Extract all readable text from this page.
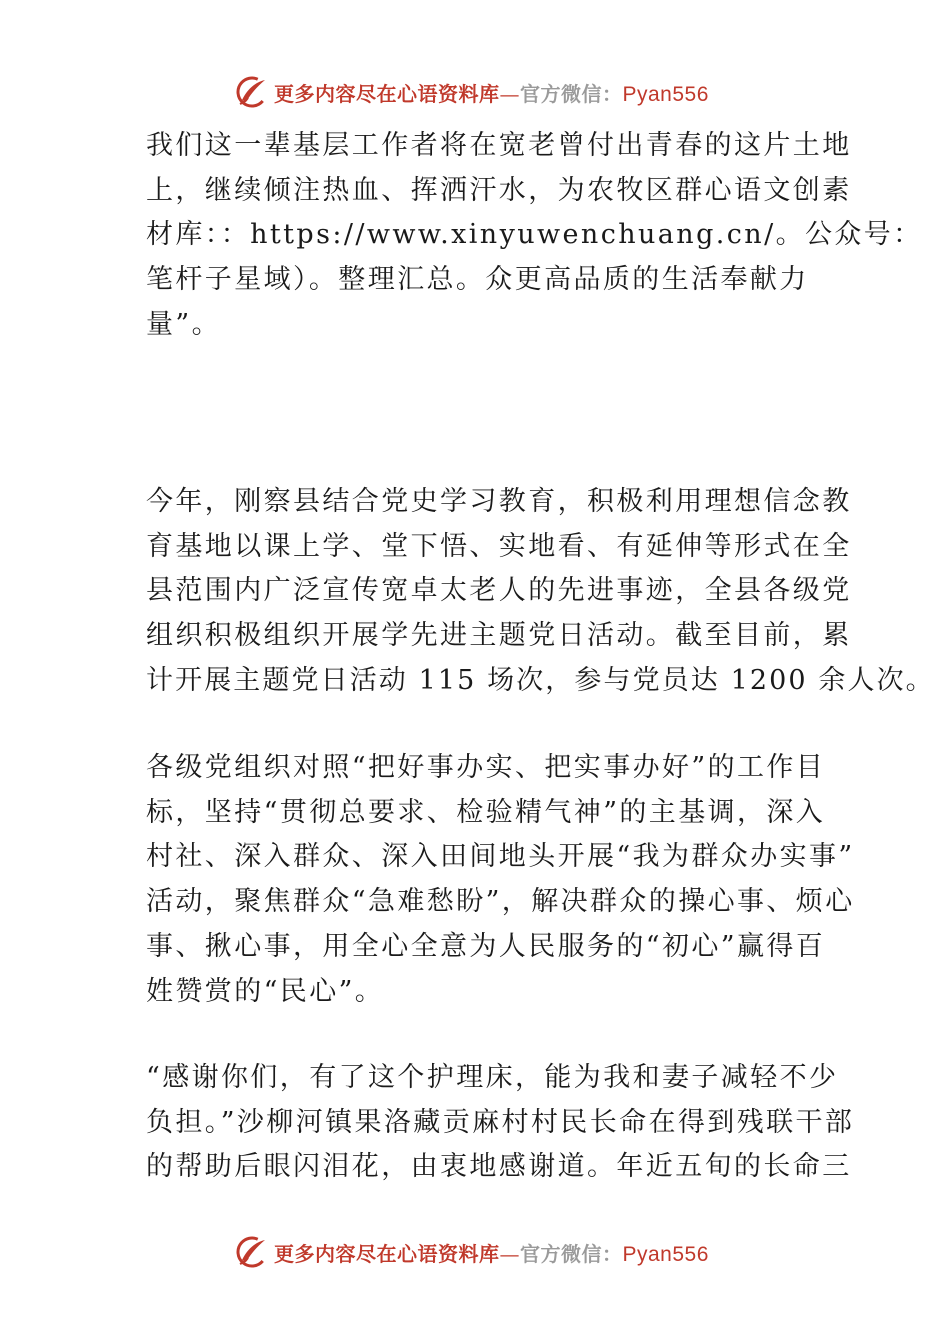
更多内容尽在心语资料库—官方微信：Pyan556

我们这一辈基层工作者将在宽老曾付出青春的这片土地
上，继续倾注热血、挥洒汗水，为农牧区群心语文创素
材库：：https://www.xinyuwenchuang.cn/。公众号：
笔杆子星域）。整理汇总。众更高品质的生活奉献力
量”。

今年，刚察县结合党史学习教育，积极利用理想信念教
育基地以课上学、堂下悟、实地看、有延伸等形式在全
县范围内广泛宣传宽卓太老人的先进事迹，全县各级党
组织积极组织开展学先进主题党日活动。截至目前，累
计开展主题党日活动 115 场次，参与党员达 1200 余人次。

各级党组织对照“把好事办实、把实事办好”的工作目
标，坚持“贯彻总要求、检验精气神”的主基调，深入
村社、深入群众、深入田间地头开展“我为群众办实事”
活动，聚焦群众“急难愁盼”，解决群众的操心事、烦心
事、揪心事，用全心全意为人民服务的“初心”赢得百
姓赞赏的“民心”。

“感谢你们，有了这个护理床，能为我和妻子减轻不少
负担。”沙柳河镇果洛藏贡麻村村民长命在得到残联干部
的帮助后眼闪泪花，由衷地感谢道。年近五旬的长命三

更多内容尽在心语资料库—官方微信：Pyan556
